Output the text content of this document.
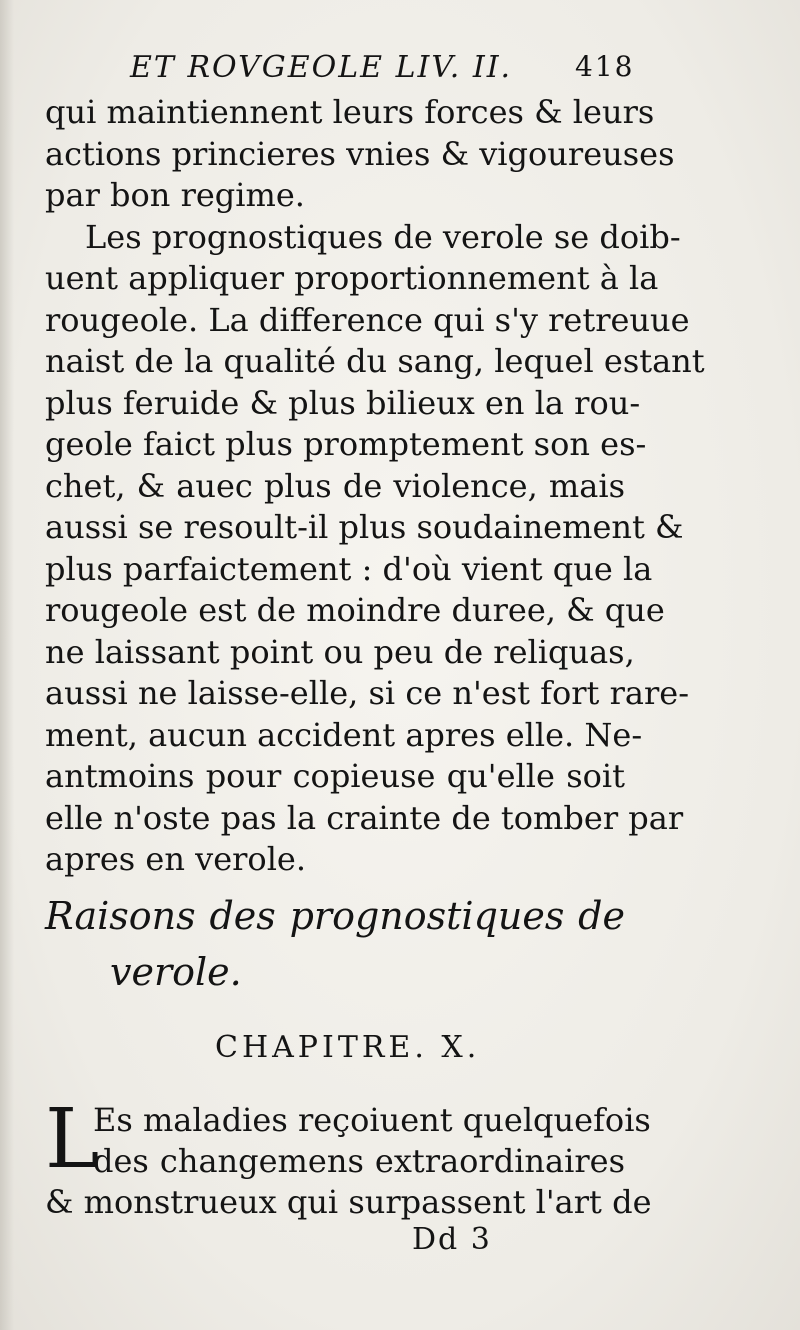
ET ROVGEOLE LIV. II. 418
qui maintiennent leurs forces & leurs
actions princieres vnies & vigoureuses
par bon regime.
Les prognostiques de verole se doib-
uent appliquer proportionnement à la
rougeole. La difference qui s'y retreuue
naist de la qualité du sang, lequel estant
plus feruide & plus bilieux en la rou-
geole faict plus promptement son es-
chet, & auec plus de violence, mais
aussi se resoult-il plus soudainement &
plus parfaictement : d'où vient que la
rougeole est de moindre duree, & que
ne laissant point ou peu de reliquas,
aussi ne laisse-elle, si ce n'est fort rare-
ment, aucun accident apres elle. Ne-
antmoins pour copieuse qu'elle soit
elle n'oste pas la crainte de tomber par
apres en verole.
Raisons des prognostiques de
verole.
CHAPITRE. X.
L
Es maladies reçoiuent quelquefois
des changemens extraordinaires
& monstrueux qui surpassent l'art de
Dd 3
